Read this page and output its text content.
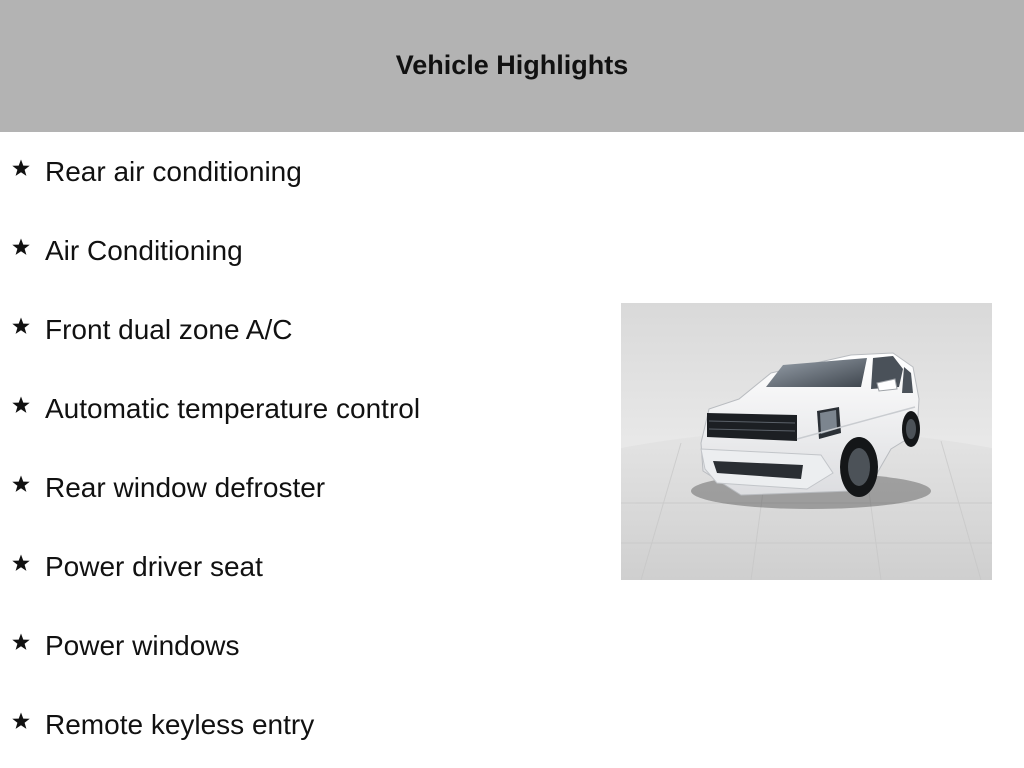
Vehicle Highlights
Rear air conditioning
Air Conditioning
Front dual zone A/C
Automatic temperature control
Rear window defroster
Power driver seat
Power windows
Remote keyless entry
